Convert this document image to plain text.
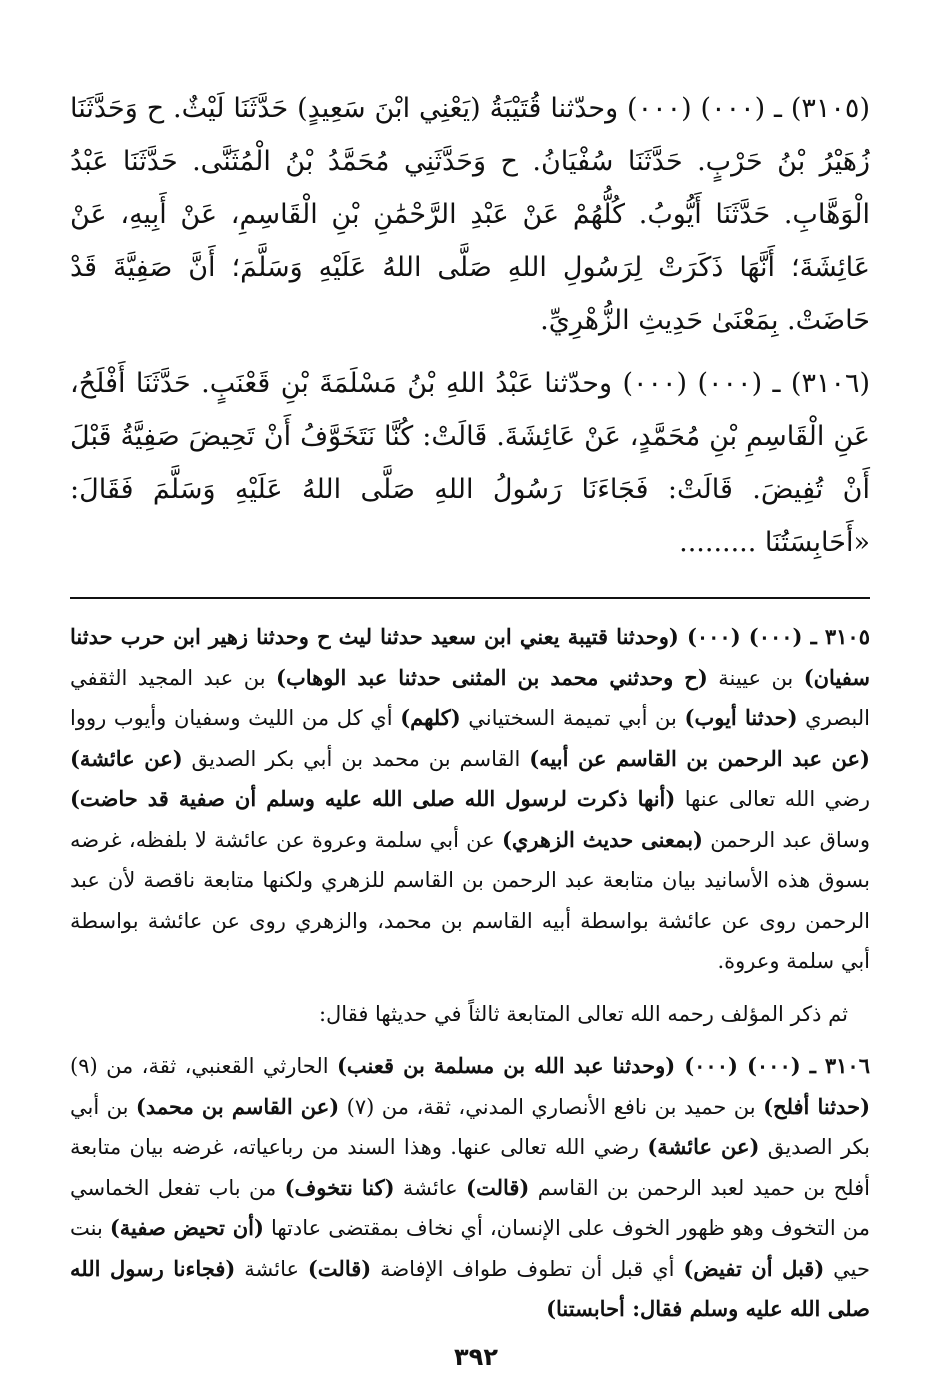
(٣١٠٥) ـ (٠٠٠) (٠٠٠) وحدّثنا قُتَيْبَةُ (يَعْنِي ابْنَ سَعِيدٍ) حَدَّثَنَا لَيْثٌ. ح وَحَدَّثَنَا زُهَيْرُ بْنُ حَرْبٍ. حَدَّثَنَا سُفْيَانُ. ح وَحَدَّثَنِي مُحَمَّدُ بْنُ الْمُثَنَّى. حَدَّثَنَا عَبْدُ الْوَهَّابِ. حَدَّثَنَا أَيُّوبُ. كُلُّهُمْ عَنْ عَبْدِ الرَّحْمَٰنِ بْنِ الْقَاسِمِ، عَنْ أَبِيهِ، عَنْ عَائِشَةَ؛ أَنَّهَا ذَكَرَتْ لِرَسُولِ اللهِ صَلَّى اللهُ عَلَيْهِ وَسَلَّمَ؛ أَنَّ صَفِيَّةَ قَدْ حَاضَتْ. بِمَعْنَىٰ حَدِيثِ الزُّهْرِيِّ.

(٣١٠٦) ـ (٠٠٠) (٠٠٠) وحدّثنا عَبْدُ اللهِ بْنُ مَسْلَمَةَ بْنِ قَعْنَبٍ. حَدَّثَنَا أَفْلَحُ، عَنِ الْقَاسِمِ بْنِ مُحَمَّدٍ، عَنْ عَائِشَةَ. قَالَتْ: كُنَّا نَتَخَوَّفُ أَنْ تَحِيضَ صَفِيَّةُ قَبْلَ أَنْ تُفِيضَ. قَالَتْ: فَجَاءَنَا رَسُولُ اللهِ صَلَّى اللهُ عَلَيْهِ وَسَلَّمَ فَقَالَ: «أَحَابِسَتُنَا .........

٣١٠٥ ـ (٠٠٠) (٠٠٠) (وحدثنا قتيبة يعني ابن سعيد حدثنا ليث ح وحدثنا زهير ابن حرب حدثنا سفيان) بن عيينة (ح وحدثني محمد بن المثنى حدثنا عبد الوهاب) بن عبد المجيد الثقفي البصري (حدثنا أيوب) بن أبي تميمة السختياني (كلهم) أي كل من الليث وسفيان وأيوب رووا (عن عبد الرحمن بن القاسم عن أبيه) القاسم بن محمد بن أبي بكر الصديق (عن عائشة) رضي الله تعالى عنها (أنها ذكرت لرسول الله صلى الله عليه وسلم أن صفية قد حاضت) وساق عبد الرحمن (بمعنى حديث الزهري) عن أبي سلمة وعروة عن عائشة لا بلفظه، غرضه بسوق هذه الأسانيد بيان متابعة عبد الرحمن بن القاسم للزهري ولكنها متابعة ناقصة لأن عبد الرحمن روى عن عائشة بواسطة أبيه القاسم بن محمد، والزهري روى عن عائشة بواسطة أبي سلمة وعروة.

ثم ذكر المؤلف رحمه الله تعالى المتابعة ثالثاً في حديثها فقال:

٣١٠٦ ـ (٠٠٠) (٠٠٠) (وحدثنا عبد الله بن مسلمة بن قعنب) الحارثي القعنبي، ثقة، من (٩) (حدثنا أفلح) بن حميد بن نافع الأنصاري المدني، ثقة، من (٧) (عن القاسم بن محمد) بن أبي بكر الصديق (عن عائشة) رضي الله تعالى عنها. وهذا السند من رباعياته، غرضه بيان متابعة أفلح بن حميد لعبد الرحمن بن القاسم (قالت) عائشة (كنا نتخوف) من باب تفعل الخماسي من التخوف وهو ظهور الخوف على الإنسان، أي نخاف بمقتضى عادتها (أن تحيض صفية) بنت حيي (قبل أن تفيض) أي قبل أن تطوف طواف الإفاضة (قالت) عائشة (فجاءنا رسول الله صلى الله عليه وسلم فقال: أحابستنا)

٣٩٢
